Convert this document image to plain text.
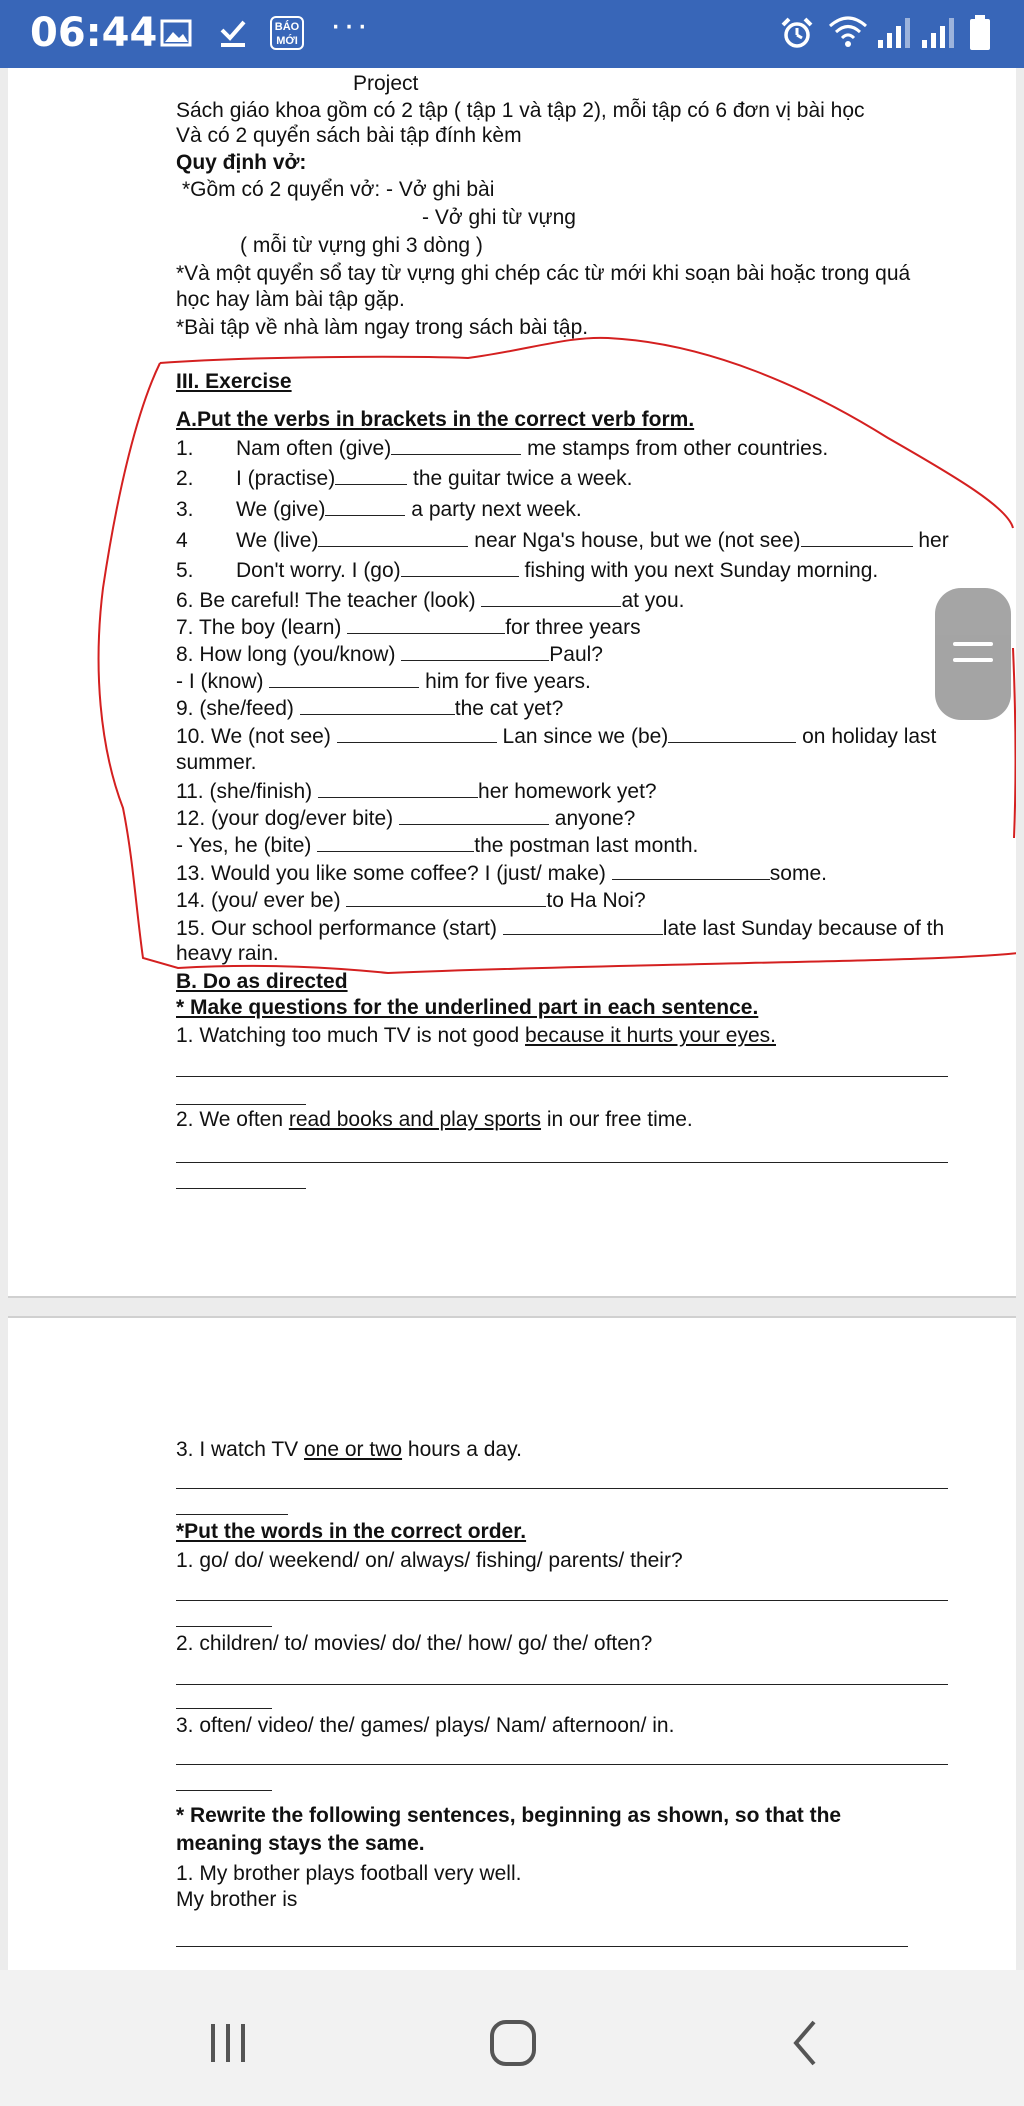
06:44	BÁO
MỚI ···
Project
Sách giáo khoa gồm có 2 tập ( tập 1 và tập 2), mỗi tập có 6 đơn vị bài học
Và có 2 quyển sách bài tập đính kèm
Quy định vở:
*Gồm có 2 quyển vở: - Vở ghi bài
- Vở ghi từ vựng
( mỗi từ vựng ghi 3 dòng )
*Và một quyển sổ tay từ vựng ghi chép các từ mới khi soạn bài hoặc trong quá
học hay làm bài tập gặp.
*Bài tập về nhà làm ngay trong sách bài tập.
III. Exercise
A.Put the verbs in brackets in the correct verb form.
1. Nam often (give)	me stamps from other countries.
2. I (practise)	the guitar twice a week.
3. We (give)	a party next week.
4 We (live)	near Nga's house, but we (not see)	her
5. Don't worry. I (go)	fishing with you next Sunday morning.
6. Be careful! The teacher (look)	at you.
7. The boy (learn)	for three years
8. How long (you/know)	Paul?
- I (know)	him for five years.
9. (she/feed)	the cat yet?
10. We (not see)	Lan since we (be)	on holiday last
summer.
11. (she/finish)	her homework yet?
12. (your dog/ever bite)	anyone?
- Yes, he (bite)	the postman last month.
13. Would you like some coffee? I (just/ make)	some.
14. (you/ ever be)	to Ha Noi?
15. Our school performance (start)	late last Sunday because of th
heavy rain.
B. Do as directed
* Make questions for the underlined part in each sentence.
1. Watching too much TV is not good because it hurts your eyes.
2. We often read books and play sports in our free time.
3. I watch TV one or two hours a day.
*Put the words in the correct order.
1. go/ do/ weekend/ on/ always/ fishing/ parents/ their?
2. children/ to/ movies/ do/ the/ how/ go/ the/ often?
3. often/ video/ the/ games/ plays/ Nam/ afternoon/ in.
* Rewrite the following sentences, beginning as shown, so that the
meaning stays the same.
1. My brother plays football very well.
My brother is
